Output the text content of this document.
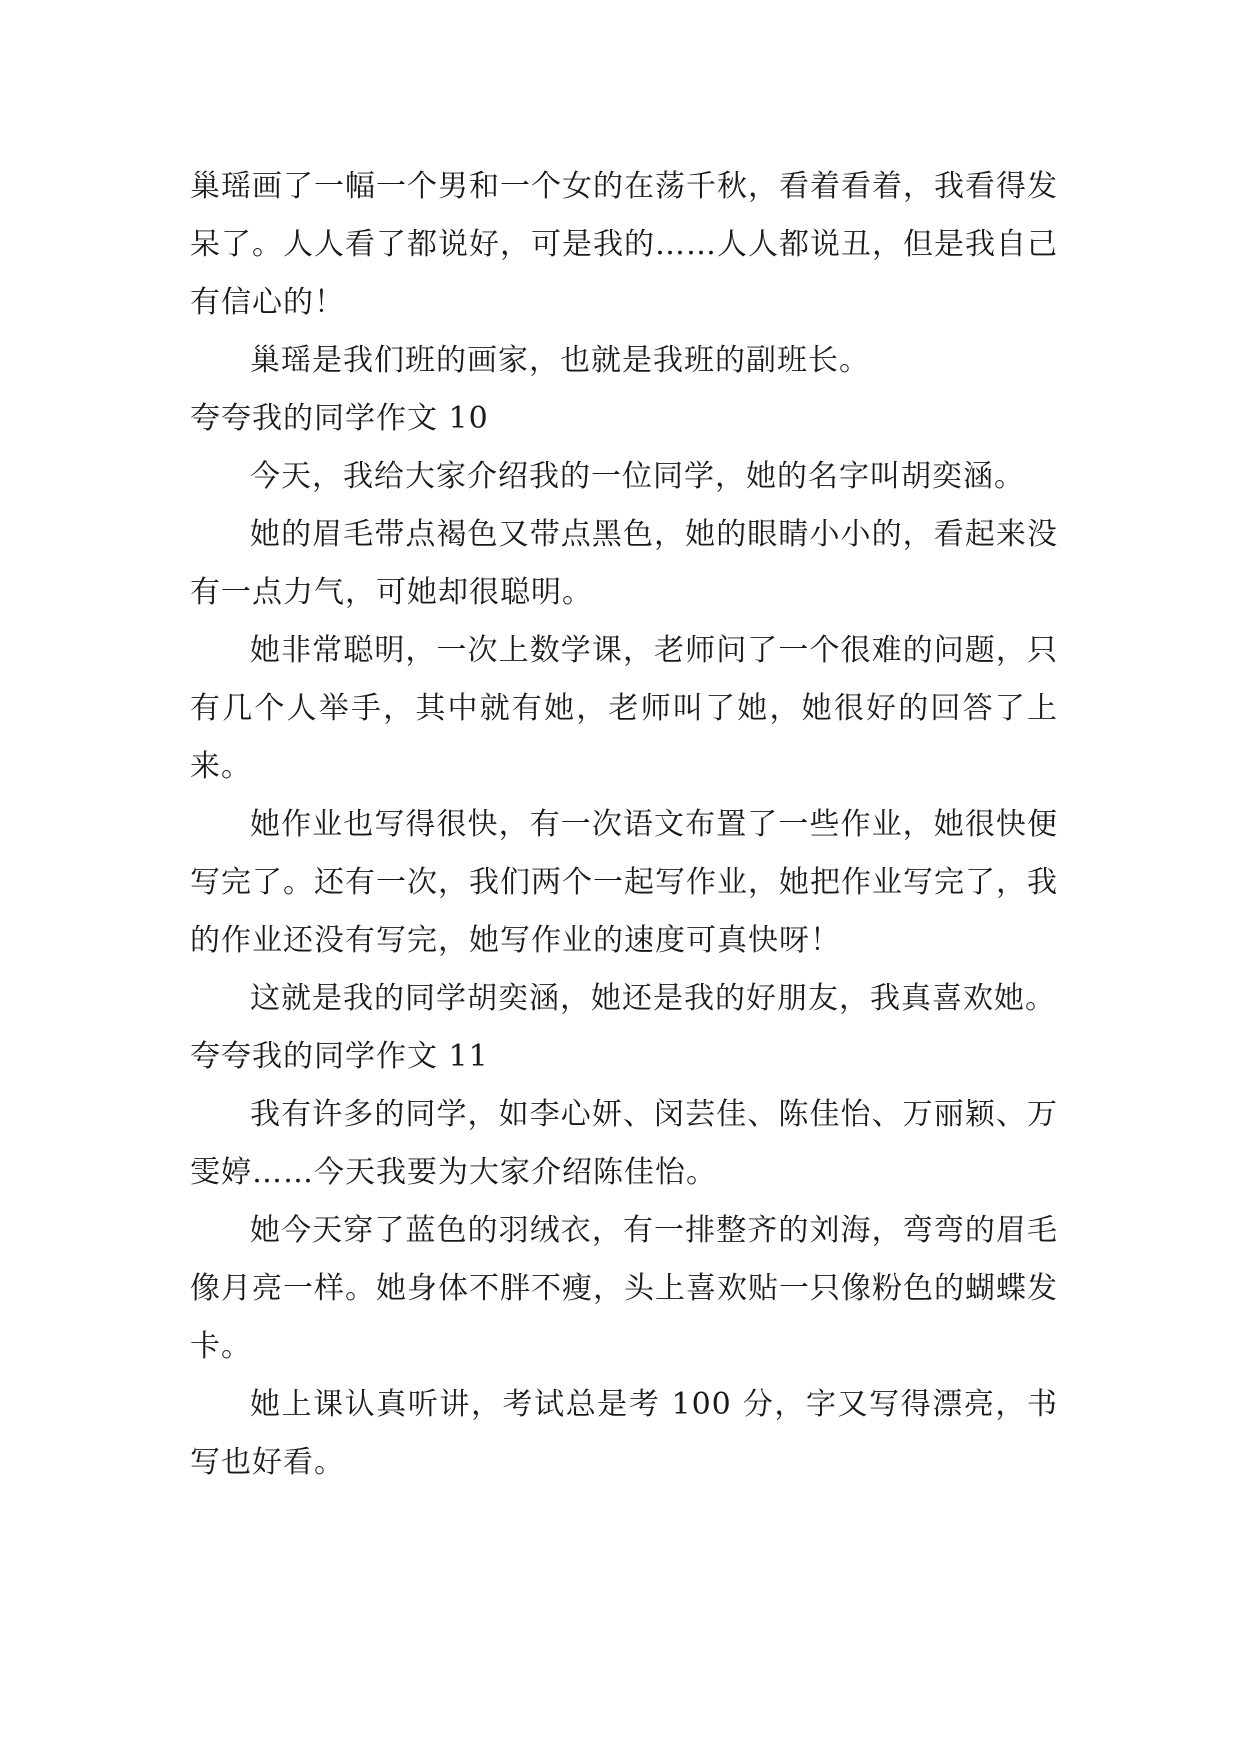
巢瑶画了一幅一个男和一个女的在荡千秋，看着看着，我看得发呆了。人人看了都说好，可是我的……人人都说丑，但是我自己有信心的！

巢瑶是我们班的画家，也就是我班的副班长。

夸夸我的同学作文 10

今天，我给大家介绍我的一位同学，她的名字叫胡奕涵。

她的眉毛带点褐色又带点黑色，她的眼睛小小的，看起来没有一点力气，可她却很聪明。

她非常聪明，一次上数学课，老师问了一个很难的问题，只有几个人举手，其中就有她，老师叫了她，她很好的回答了上来。

她作业也写得很快，有一次语文布置了一些作业，她很快便写完了。还有一次，我们两个一起写作业，她把作业写完了，我的作业还没有写完，她写作业的速度可真快呀！

这就是我的同学胡奕涵，她还是我的好朋友，我真喜欢她。

夸夸我的同学作文 11

我有许多的同学，如李心妍、闵芸佳、陈佳怡、万丽颖、万雯婷……今天我要为大家介绍陈佳怡。

她今天穿了蓝色的羽绒衣，有一排整齐的刘海，弯弯的眉毛像月亮一样。她身体不胖不瘦，头上喜欢贴一只像粉色的蝴蝶发卡。

她上课认真听讲，考试总是考 100 分，字又写得漂亮，书写也好看。
